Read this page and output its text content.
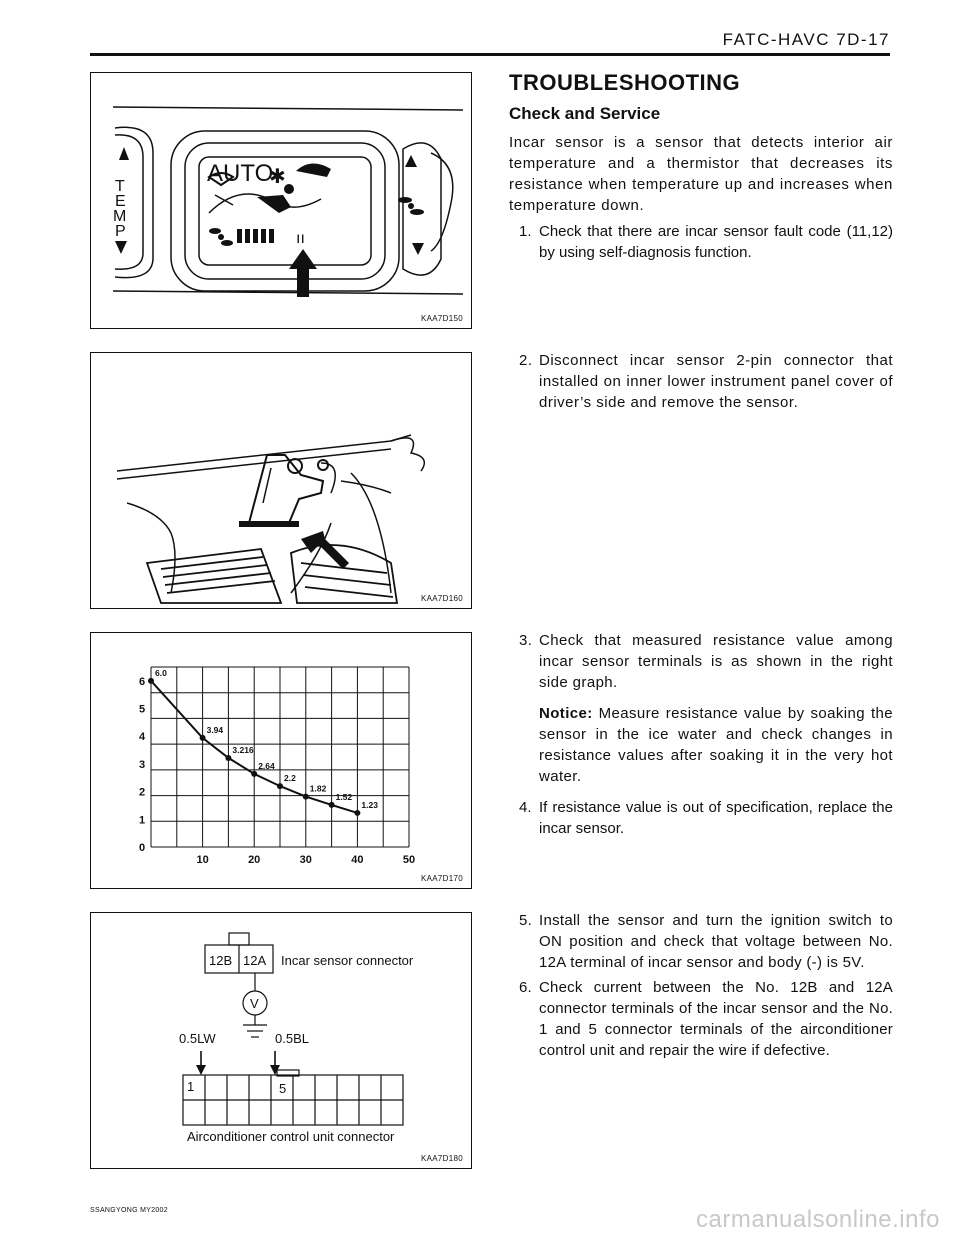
FATC-HAVC 7D-17
T
E
M
P
AUTO
✱
ıı
KAA7D150
KAA7D160
0
1
2
3
4
5
6
10	20	30	40	50
6.0
3.94
3.216
2.64
2.2
1.82
1.52
1.23
KAA7D170
12B 12A Incar sensor connector
V
0.5LW	0.5BL
1	5
Airconditioner control unit connector
KAA7D180
TROUBLESHOOTING
Check and Service
Incar sensor is a sensor that detects interior air temperature and a thermistor that decreases its resistance when temperature up and increases when temperature down.
1. Check that there are incar sensor fault code (11,12) by using self-diagnosis function.
2. Disconnect incar sensor 2-pin connector that installed on inner lower instrument panel cover of driver’s side and remove the sensor.
3. Check that measured resistance value among incar sensor terminals is as shown in the right side graph.
Notice: Measure resistance value by soaking the sensor in the ice water and check changes in resistance values after soaking it in the very hot water.
4. If resistance value is out of specification, replace the incar sensor.
5. Install the sensor and turn the ignition switch to ON position and check that voltage between No. 12A terminal of incar sensor and body (-) is 5V.
6. Check current between the No. 12B and 12A connector terminals of the incar sensor and the No. 1 and 5 connector terminals of the airconditioner control unit and repair the wire if defective.
SSANGYONG MY2002	carmanualsonline.info
